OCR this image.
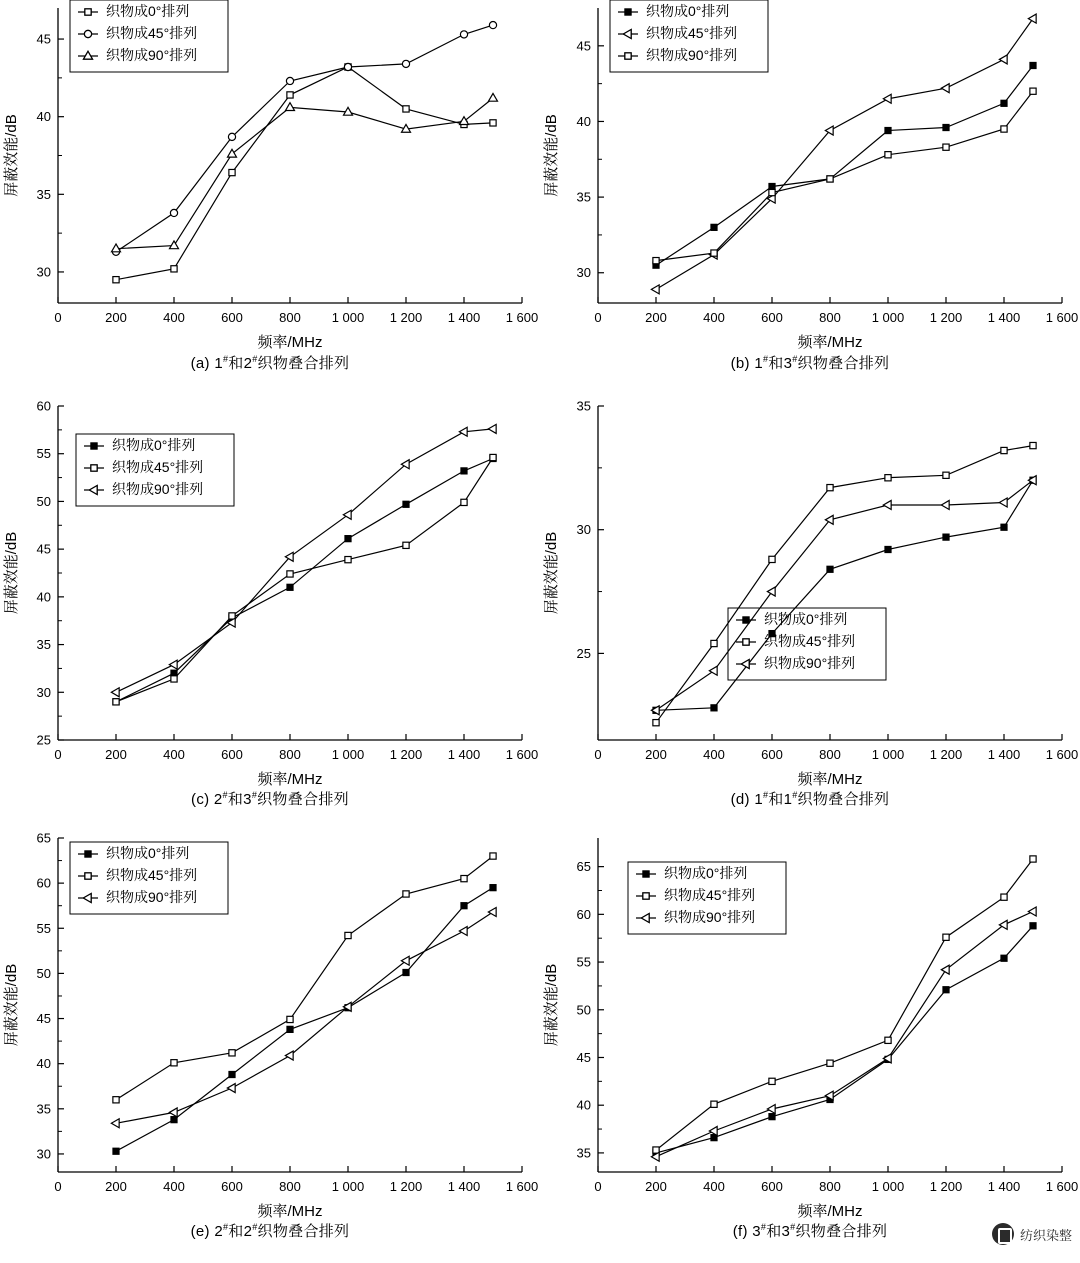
0	200	400	600	800 1 000 1 200 1 400 1 600
30
35
40
45
频率/MHz
屏蔽效能/dB
织物成0°排列
织物成45°排列
织物成90°排列
(a) 1#和2#织物叠合排列
0	200	400	600	800 1 000 1 200 1 400 1 600
30
35
40
45
频率/MHz
屏蔽效能/dB
织物成0°排列
织物成45°排列
织物成90°排列
(b) 1#和3#织物叠合排列
0	200	400	600	800 1 000 1 200 1 400 1 600
25
30
35
40
45
50
55
60
频率/MHz
屏蔽效能/dB
织物成0°排列
织物成45°排列
织物成90°排列
(c) 2#和3#织物叠合排列
0	200	400	600	800 1 000 1 200 1 400 1 600
25
30
35
频率/MHz
屏蔽效能/dB
织物成0°排列
织物成45°排列
织物成90°排列
(d) 1#和1#织物叠合排列
0	200	400	600	800 1 000 1 200 1 400 1 600
30
35
40
45
50
55
60
65
频率/MHz
屏蔽效能/dB
织物成0°排列
织物成45°排列
织物成90°排列
(e) 2#和2#织物叠合排列
0	200	400	600	800 1 000 1 200 1 400 1 600
35
40
45
50
55
60
65
频率/MHz
屏蔽效能/dB
织物成0°排列
织物成45°排列
织物成90°排列
(f) 3#和3#织物叠合排列	纺织染整
